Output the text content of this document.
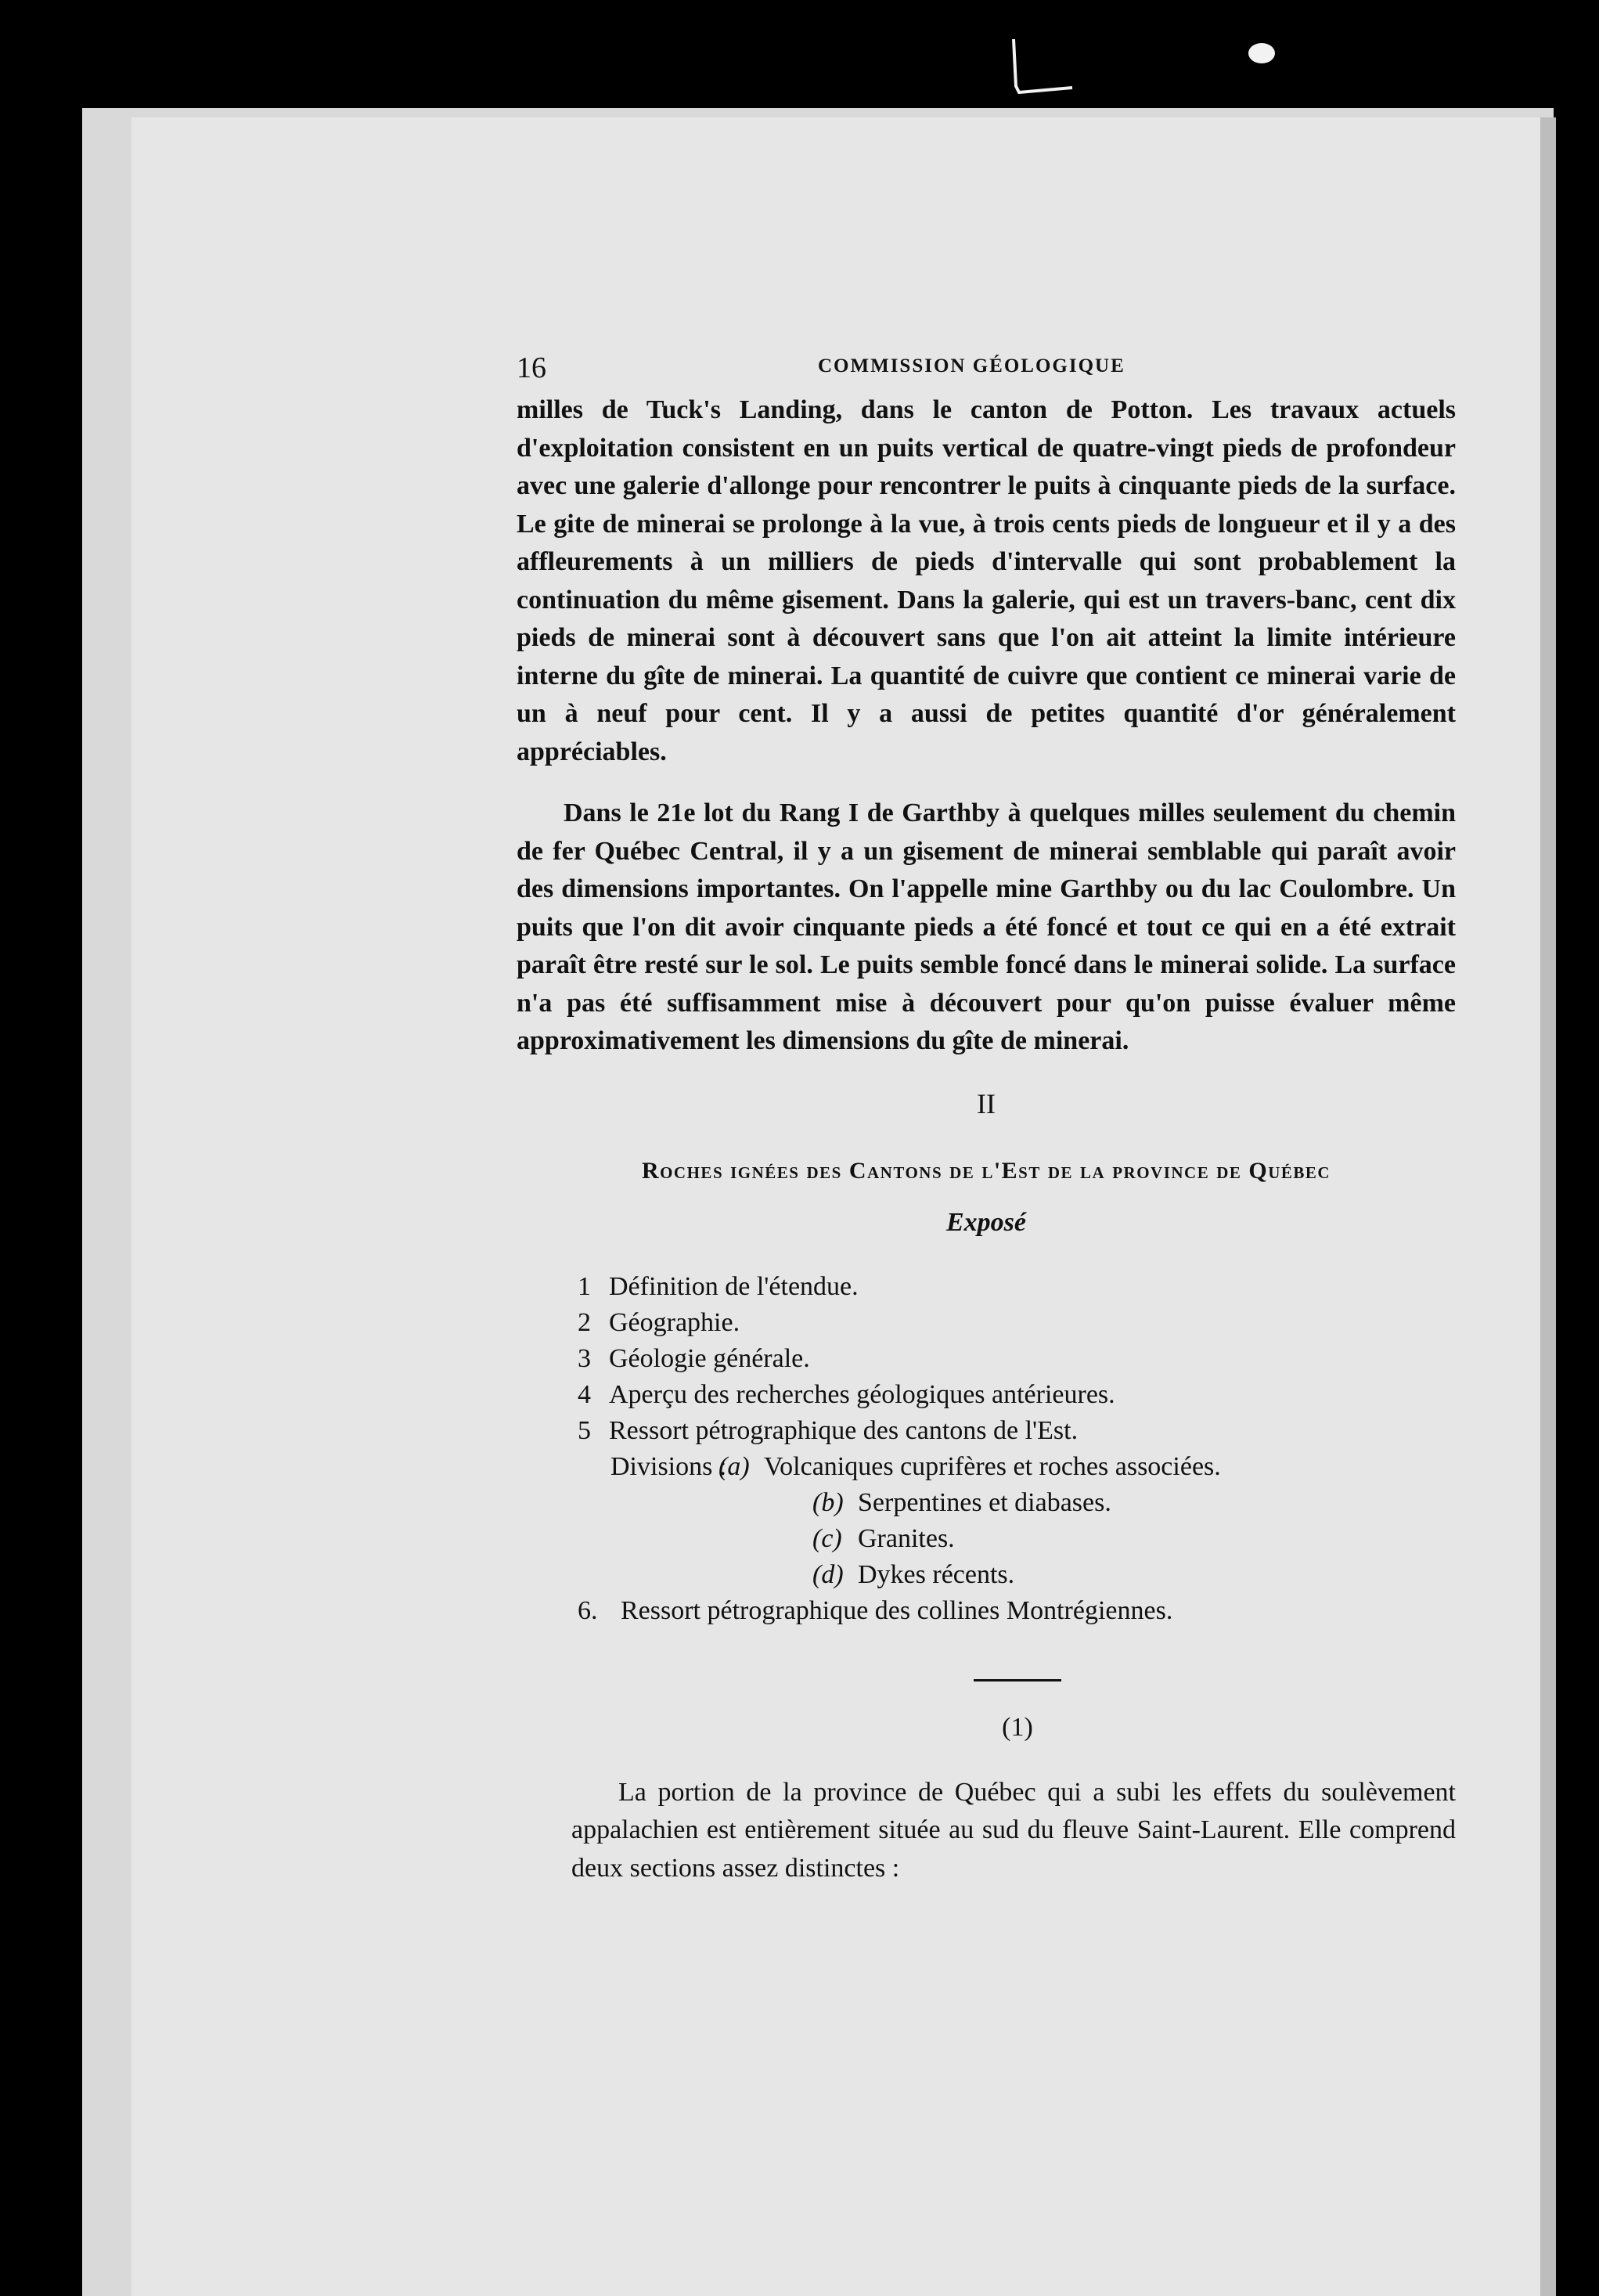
16	COMMISSION GÉOLOGIQUE

milles de Tuck's Landing, dans le canton de Potton. Les travaux actuels d'exploitation consistent en un puits vertical de quatre-vingt pieds de profondeur avec une galerie d'allonge pour rencontrer le puits à cinquante pieds de la surface. Le gite de minerai se prolonge à la vue, à trois cents pieds de longueur et il y a des affleurements à un milliers de pieds d'intervalle qui sont probablement la continuation du même gisement. Dans la galerie, qui est un travers-banc, cent dix pieds de minerai sont à découvert sans que l'on ait atteint la limite intérieure interne du gîte de minerai. La quantité de cuivre que contient ce minerai varie de un à neuf pour cent. Il y a aussi de petites quantité d'or généralement appréciables.

Dans le 21e lot du Rang I de Garthby à quelques milles seulement du chemin de fer Québec Central, il y a un gisement de minerai semblable qui paraît avoir des dimensions importantes. On l'appelle mine Garthby ou du lac Coulombre. Un puits que l'on dit avoir cinquante pieds a été foncé et tout ce qui en a été extrait paraît être resté sur le sol. Le puits semble foncé dans le minerai solide. La surface n'a pas été suffisamment mise à découvert pour qu'on puisse évaluer même approximativement les dimensions du gîte de minerai.

II
Roches ignées des Cantons de l'Est de la province de Québec
Exposé
1 Définition de l'étendue.
2 Géographie.
3 Géologie générale.
4 Aperçu des recherches géologiques antérieures.
5 Ressort pétrographique des cantons de l'Est.
Divisions :
(a) Volcaniques cuprifères et roches associées.
(b) Serpentines et diabases.
(c) Granites.
(d) Dykes récents.
6. Ressort pétrographique des collines Montrégiennes.
(1)

La portion de la province de Québec qui a subi les effets du soulèvement appalachien est entièrement située au sud du fleuve Saint-Laurent. Elle comprend deux sections assez distinctes :
